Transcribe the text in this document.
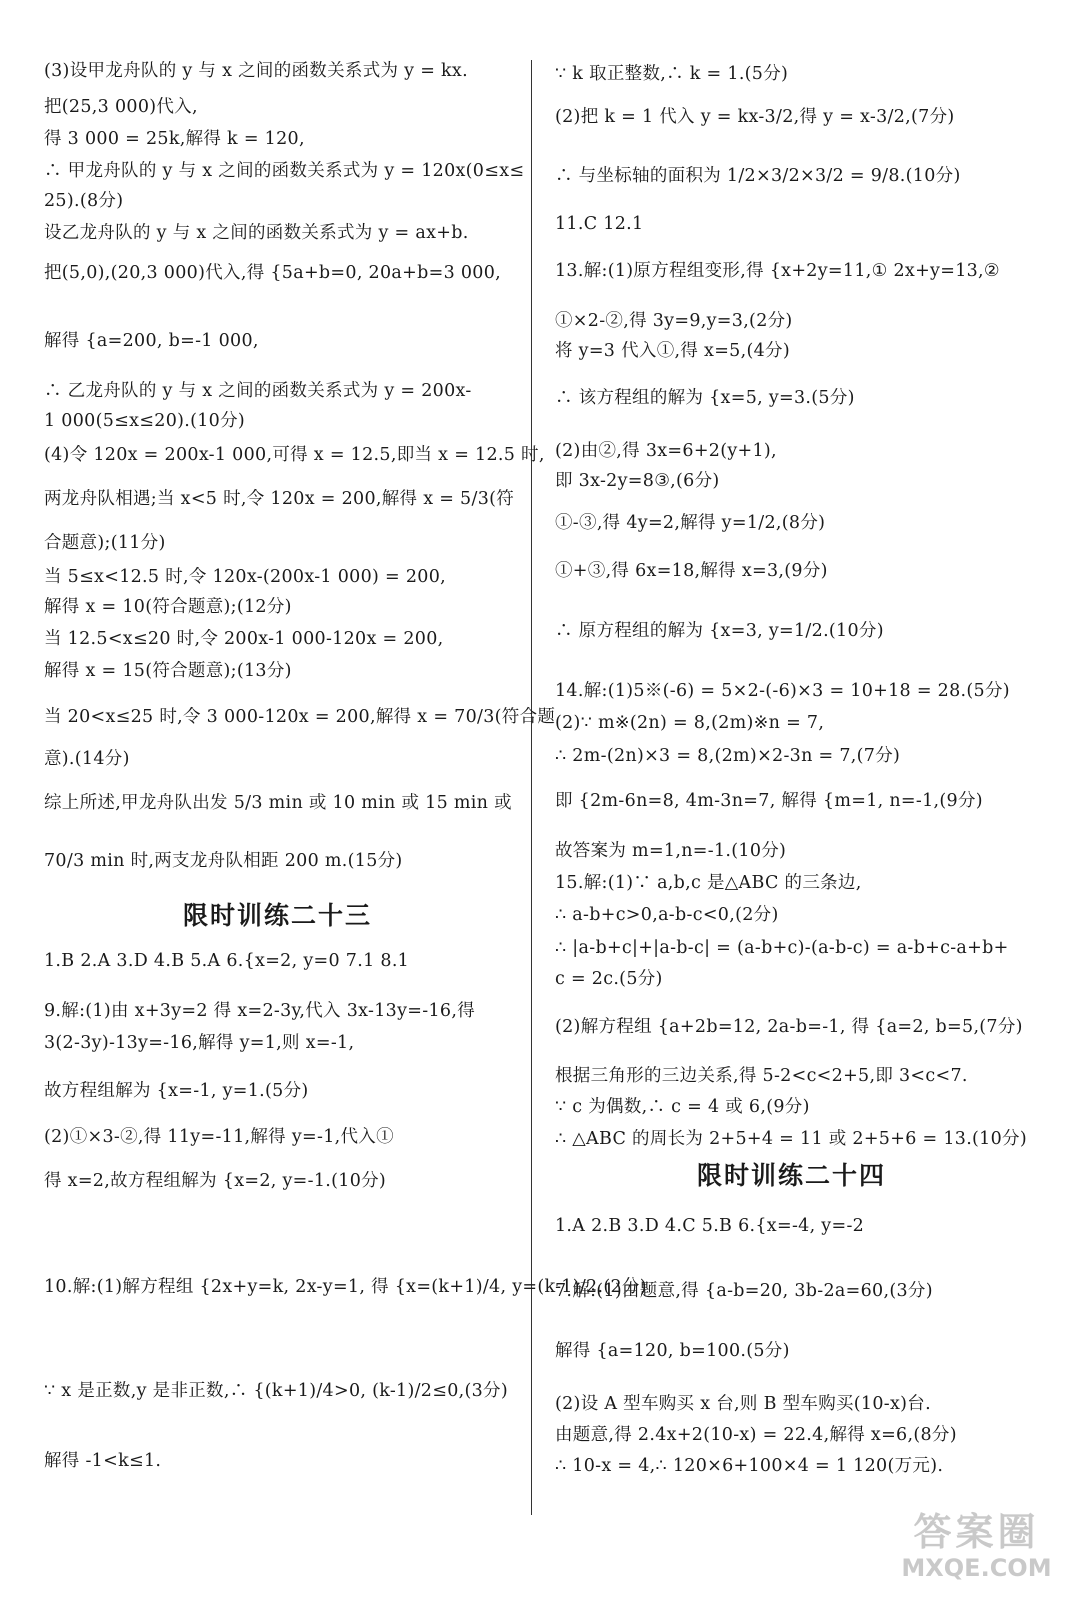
(3)设甲龙舟队的 y 与 x 之间的函数关系式为 y = kx.
把(25,3 000)代入,
得 3 000 = 25k,解得 k = 120,
∴ 甲龙舟队的 y 与 x 之间的函数关系式为 y = 120x(0≤x≤
25).(8分)
设乙龙舟队的 y 与 x 之间的函数关系式为 y = ax+b.
把(5,0),(20,3 000)代入,得 {5a+b=0, 20a+b=3 000,
解得 {a=200, b=-1 000,
∴ 乙龙舟队的 y 与 x 之间的函数关系式为 y = 200x-
1 000(5≤x≤20).(10分)
(4)令 120x = 200x-1 000,可得 x = 12.5,即当 x = 12.5 时,
两龙舟队相遇;当 x<5 时,令 120x = 200,解得 x = 5/3(符
合题意);(11分)
当 5≤x<12.5 时,令 120x-(200x-1 000) = 200,
解得 x = 10(符合题意);(12分)
当 12.5<x≤20 时,令 200x-1 000-120x = 200,
解得 x = 15(符合题意);(13分)
当 20<x≤25 时,令 3 000-120x = 200,解得 x = 70/3(符合题
意).(14分)
综上所述,甲龙舟队出发 5/3 min 或 10 min 或 15 min 或
70/3 min 时,两支龙舟队相距 200 m.(15分)
1.B 2.A 3.D 4.B 5.A 6.{x=2, y=0 7.1 8.1
9.解:(1)由 x+3y=2 得 x=2-3y,代入 3x-13y=-16,得
3(2-3y)-13y=-16,解得 y=1,则 x=-1,
故方程组解为 {x=-1, y=1.(5分)
(2)①×3-②,得 11y=-11,解得 y=-1,代入①
得 x=2,故方程组解为 {x=2, y=-1.(10分)
10.解:(1)解方程组 {2x+y=k, 2x-y=1, 得 {x=(k+1)/4, y=(k-1)/2.(2分)
∵ x 是正数,y 是非正数,∴ {(k+1)/4>0, (k-1)/2≤0,(3分)
解得 -1<k≤1.
∵ k 取正整数,∴ k = 1.(5分)
(2)把 k = 1 代入 y = kx-3/2,得 y = x-3/2,(7分)
∴ 与坐标轴的面积为 1/2×3/2×3/2 = 9/8.(10分)
11.C 12.1
13.解:(1)原方程组变形,得 {x+2y=11,① 2x+y=13,②
①×2-②,得 3y=9,y=3,(2分)
将 y=3 代入①,得 x=5,(4分)
∴ 该方程组的解为 {x=5, y=3.(5分)
(2)由②,得 3x=6+2(y+1),
即 3x-2y=8③,(6分)
①-③,得 4y=2,解得 y=1/2,(8分)
①+③,得 6x=18,解得 x=3,(9分)
∴ 原方程组的解为 {x=3, y=1/2.(10分)
14.解:(1)5※(-6) = 5×2-(-6)×3 = 10+18 = 28.(5分)
(2)∵ m※(2n) = 8,(2m)※n = 7,
∴ 2m-(2n)×3 = 8,(2m)×2-3n = 7,(7分)
即 {2m-6n=8, 4m-3n=7, 解得 {m=1, n=-1,(9分)
故答案为 m=1,n=-1.(10分)
15.解:(1)∵ a,b,c 是△ABC 的三条边,
∴ a-b+c>0,a-b-c<0,(2分)
∴ |a-b+c|+|a-b-c| = (a-b+c)-(a-b-c) = a-b+c-a+b+
c = 2c.(5分)
(2)解方程组 {a+2b=12, 2a-b=-1, 得 {a=2, b=5,(7分)
根据三角形的三边关系,得 5-2<c<2+5,即 3<c<7.
∵ c 为偶数,∴ c = 4 或 6,(9分)
∴ △ABC 的周长为 2+5+4 = 11 或 2+5+6 = 13.(10分)
1.A 2.B 3.D 4.C 5.B 6.{x=-4, y=-2
7.解:(1)由题意,得 {a-b=20, 3b-2a=60,(3分)
解得 {a=120, b=100.(5分)
(2)设 A 型车购买 x 台,则 B 型车购买(10-x)台.
由题意,得 2.4x+2(10-x) = 22.4,解得 x=6,(8分)
∴ 10-x = 4,∴ 120×6+100×4 = 1 120(万元).
限时训练二十三
限时训练二十四
答案圈
MXQE.COM
